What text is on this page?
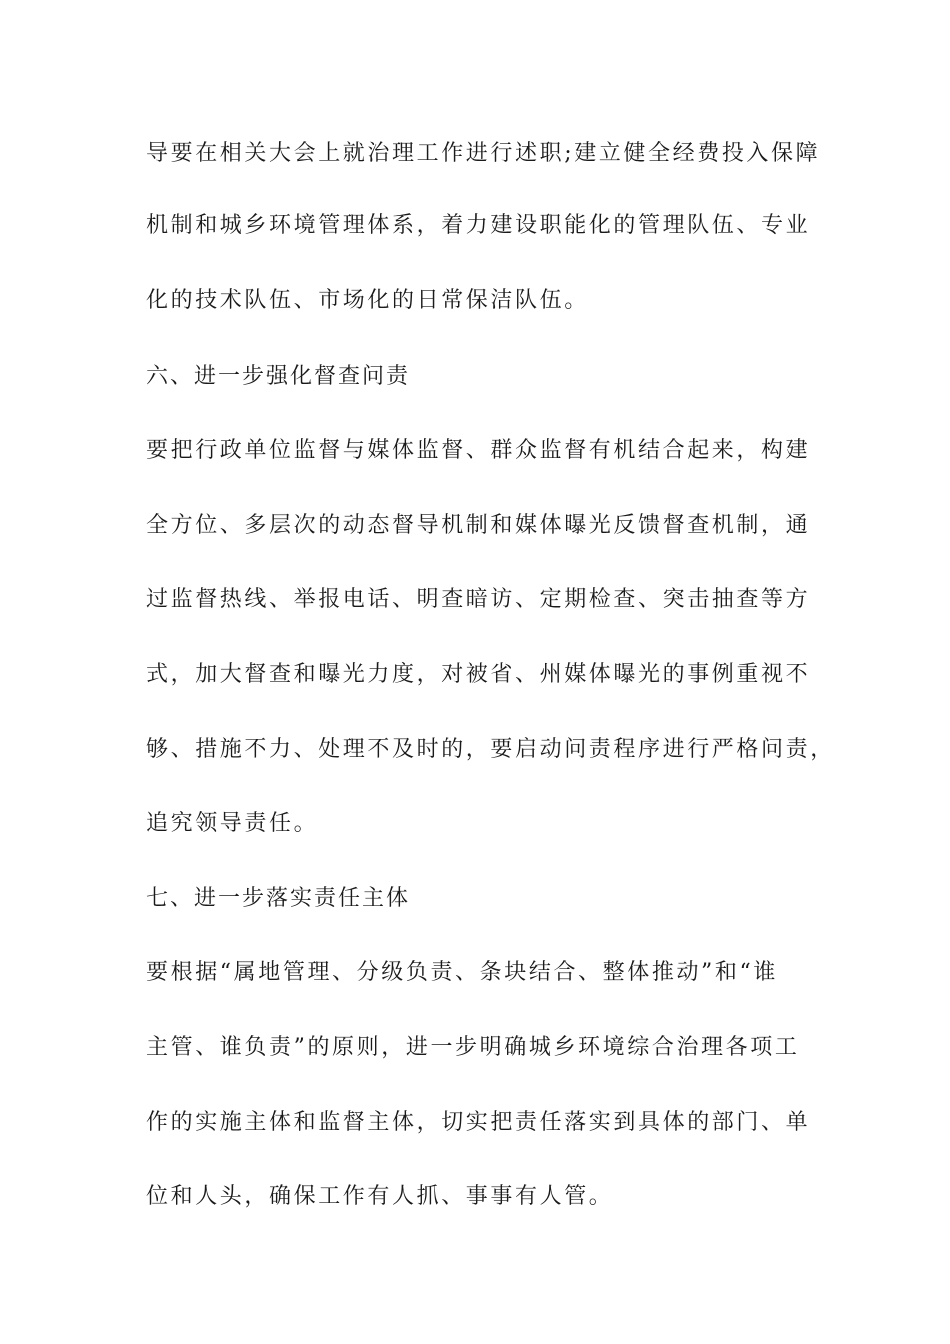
导要在相关大会上就治理工作进行述职;建立健全经费投入保障
机制和城乡环境管理体系，着力建设职能化的管理队伍、专业
化的技术队伍、市场化的日常保洁队伍。
六、进一步强化督查问责
要把行政单位监督与媒体监督、群众监督有机结合起来，构建
全方位、多层次的动态督导机制和媒体曝光反馈督查机制，通
过监督热线、举报电话、明查暗访、定期检查、突击抽查等方
式，加大督查和曝光力度，对被省、州媒体曝光的事例重视不
够、措施不力、处理不及时的，要启动问责程序进行严格问责，
追究领导责任。
七、进一步落实责任主体
要根据“属地管理、分级负责、条块结合、整体推动”和“谁
主管、谁负责”的原则，进一步明确城乡环境综合治理各项工
作的实施主体和监督主体，切实把责任落实到具体的部门、单
位和人头，确保工作有人抓、事事有人管。
